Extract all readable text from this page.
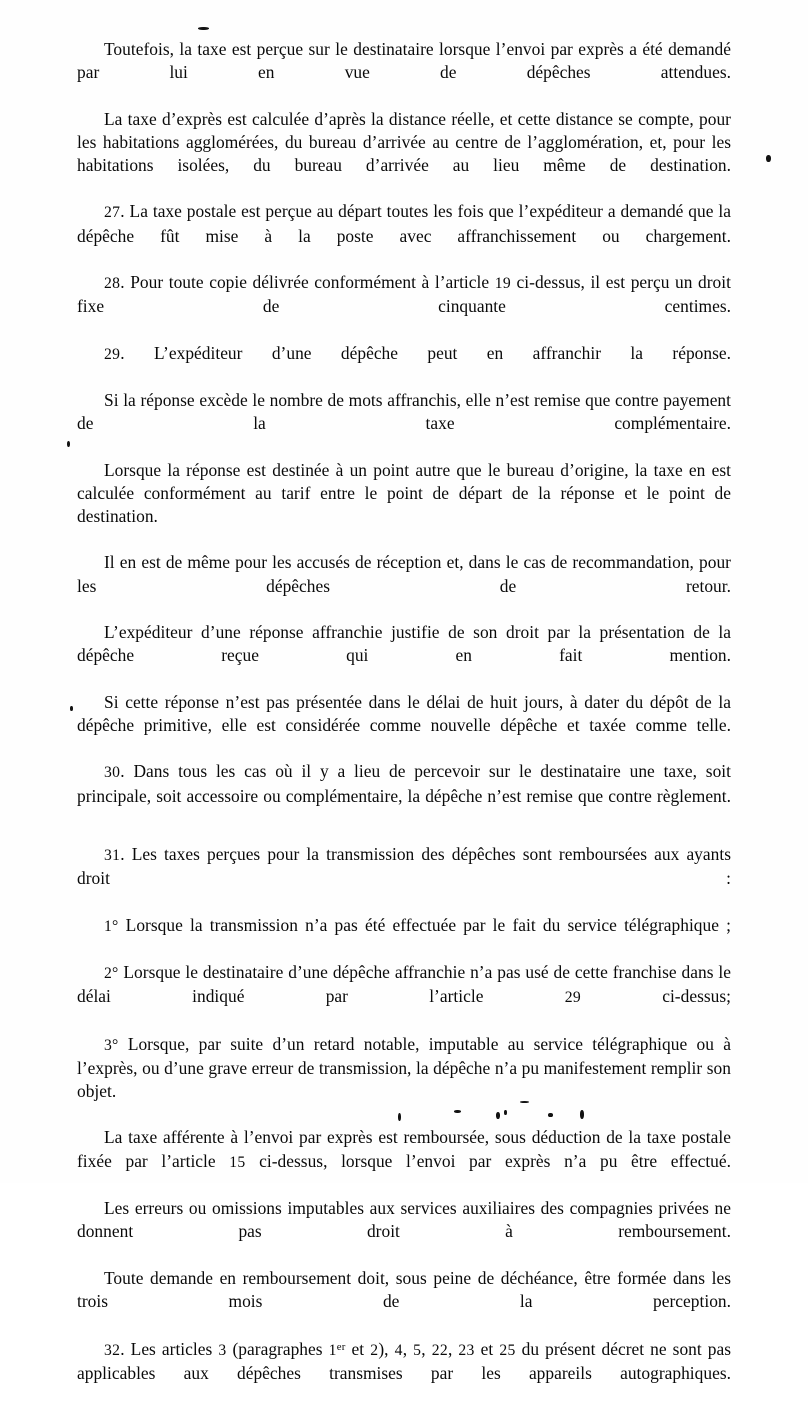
Toutefois, la taxe est perçue sur le destinataire lorsque l’envoi par exprès a été demandé par lui en vue de dépêches attendues.

La taxe d’exprès est calculée d’après la distance réelle, et cette distance se compte, pour les habitations agglomérées, du bureau d’arrivée au centre de l’agglomération, et, pour les habitations isolées, du bureau d’arrivée au lieu même de destination.

27. La taxe postale est perçue au départ toutes les fois que l’expéditeur a demandé que la dépêche fût mise à la poste avec affranchissement ou chargement.

28. Pour toute copie délivrée conformément à l’article 19 ci-dessus, il est perçu un droit fixe de cinquante centimes.

29. L’expéditeur d’une dépêche peut en affranchir la réponse.

Si la réponse excède le nombre de mots affranchis, elle n’est remise que contre payement de la taxe complémentaire.

Lorsque la réponse est destinée à un point autre que le bureau d’origine, la taxe en est calculée conformément au tarif entre le point de départ de la réponse et le point de destination.

Il en est de même pour les accusés de réception et, dans le cas de recommandation, pour les dépêches de retour.

L’expéditeur d’une réponse affranchie justifie de son droit par la présentation de la dépêche reçue qui en fait mention.

Si cette réponse n’est pas présentée dans le délai de huit jours, à dater du dépôt de la dépêche primitive, elle est considérée comme nouvelle dépêche et taxée comme telle.

30. Dans tous les cas où il y a lieu de percevoir sur le destinataire une taxe, soit principale, soit accessoire ou complémentaire, la dépêche n’est remise que contre règlement.

31. Les taxes perçues pour la transmission des dépêches sont remboursées aux ayants droit :

1° Lorsque la transmission n’a pas été effectuée par le fait du service télégraphique ;

2° Lorsque le destinataire d’une dépêche affranchie n’a pas usé de cette franchise dans le délai indiqué par l’article 29 ci-dessus;

3° Lorsque, par suite d’un retard notable, imputable au service télégraphique ou à l’exprès, ou d’une grave erreur de transmission, la dépêche n’a pu manifestement remplir son objet.

La taxe afférente à l’envoi par exprès est remboursée, sous déduction de la taxe postale fixée par l’article 15 ci-dessus, lorsque l’envoi par exprès n’a pu être effectué.

Les erreurs ou omissions imputables aux services auxiliaires des compagnies privées ne donnent pas droit à remboursement.

Toute demande en remboursement doit, sous peine de déchéance, être formée dans les trois mois de la perception.

32. Les articles 3 (paragraphes 1er et 2), 4, 5, 22, 23 et 25 du présent décret ne sont pas applicables aux dépêches transmises par les appareils autographiques.
